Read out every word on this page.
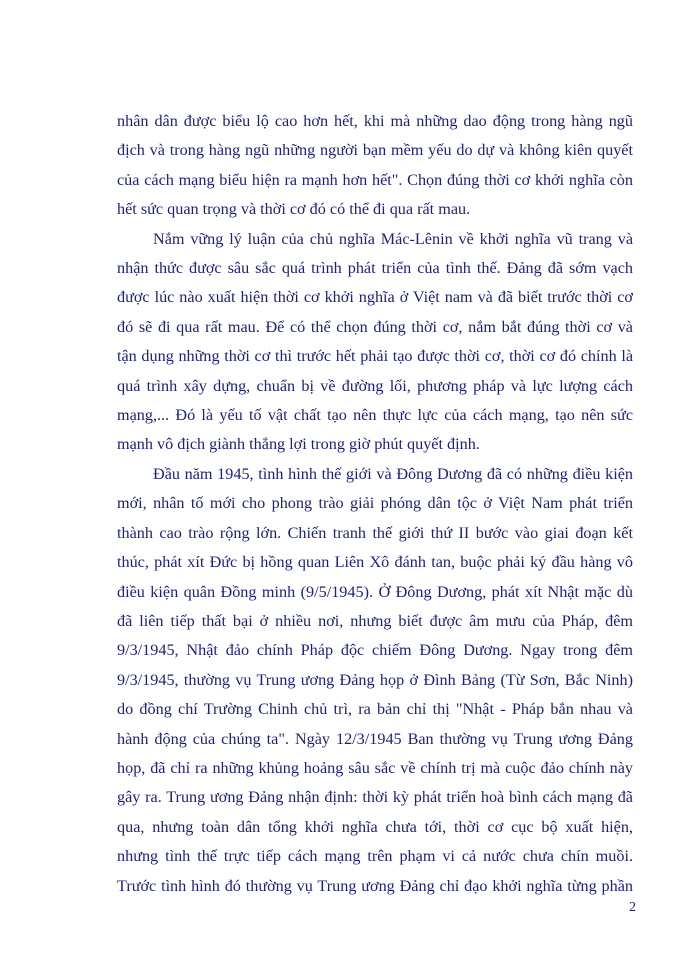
nhân dân được biểu lộ cao hơn hết, khi mà những dao động trong hàng ngũ
địch và trong hàng ngũ những người bạn mềm yếu do dự và không kiên quyết
của cách mạng biểu hiện ra mạnh hơn hết". Chọn đúng thời cơ khởi nghĩa còn
hết sức quan trọng và thời cơ đó có thể đi qua rất mau.
Nắm vững lý luận của chủ nghĩa Mác-Lênin về khởi nghĩa vũ trang và
nhận thức được sâu sắc quá trình phát triển của tình thế. Đảng đã sớm vạch
được lúc nào xuất hiện thời cơ khởi nghĩa ở Việt nam và đã biết trước thời cơ
đó sẽ đi qua rất mau. Để có thể chọn đúng thời cơ, nắm bắt đúng thời cơ và
tận dụng những thời cơ thì trước hết phải tạo được thời cơ, thời cơ đó chính là
quá trình xây dựng, chuẩn bị về đường lối, phương pháp và lực lượng cách
mạng,... Đó là yếu tố vật chất tạo nên thực lực của cách mạng, tạo nên sức
mạnh vô địch giành thắng lợi trong giờ phút quyết định.
Đầu năm 1945, tình hình thế giới và Đông Dương đã có những điều kiện
mới, nhân tố mới cho phong trào giải phóng dân tộc ở Việt Nam phát triển
thành cao trào rộng lớn. Chiến tranh thế giới thứ II bước vào giai đoạn kết
thúc, phát xít Đức bị hồng quan Liên Xô đánh tan, buộc phải ký đầu hàng vô
điều kiện quân Đồng minh (9/5/1945). Ở Đông Dương, phát xít Nhật mặc dù
đã liên tiếp thất bại ở nhiều nơi, nhưng biết được âm mưu của Pháp, đêm
9/3/1945, Nhật đảo chính Pháp độc chiếm Đông Dương. Ngay trong đêm
9/3/1945, thường vụ Trung ương Đảng họp ở Đình Bảng (Từ Sơn, Bắc Ninh)
do đồng chí Trường Chinh chủ trì, ra bản chỉ thị "Nhật - Pháp bắn nhau và
hành động của chúng ta". Ngày 12/3/1945 Ban thường vụ Trung ương Đảng
họp, đã chỉ ra những khủng hoảng sâu sắc về chính trị mà cuộc đảo chính này
gây ra. Trung ương Đảng nhận định: thời kỳ phát triển hoà bình cách mạng đã
qua, nhưng toàn dân tổng khởi nghĩa chưa tới, thời cơ cục bộ xuất hiện,
nhưng tình thế trực tiếp cách mạng trên phạm vi cả nước chưa chín muồi.
Trước tình hình đó thường vụ Trung ương Đảng chỉ đạo khởi nghĩa từng phần
2
